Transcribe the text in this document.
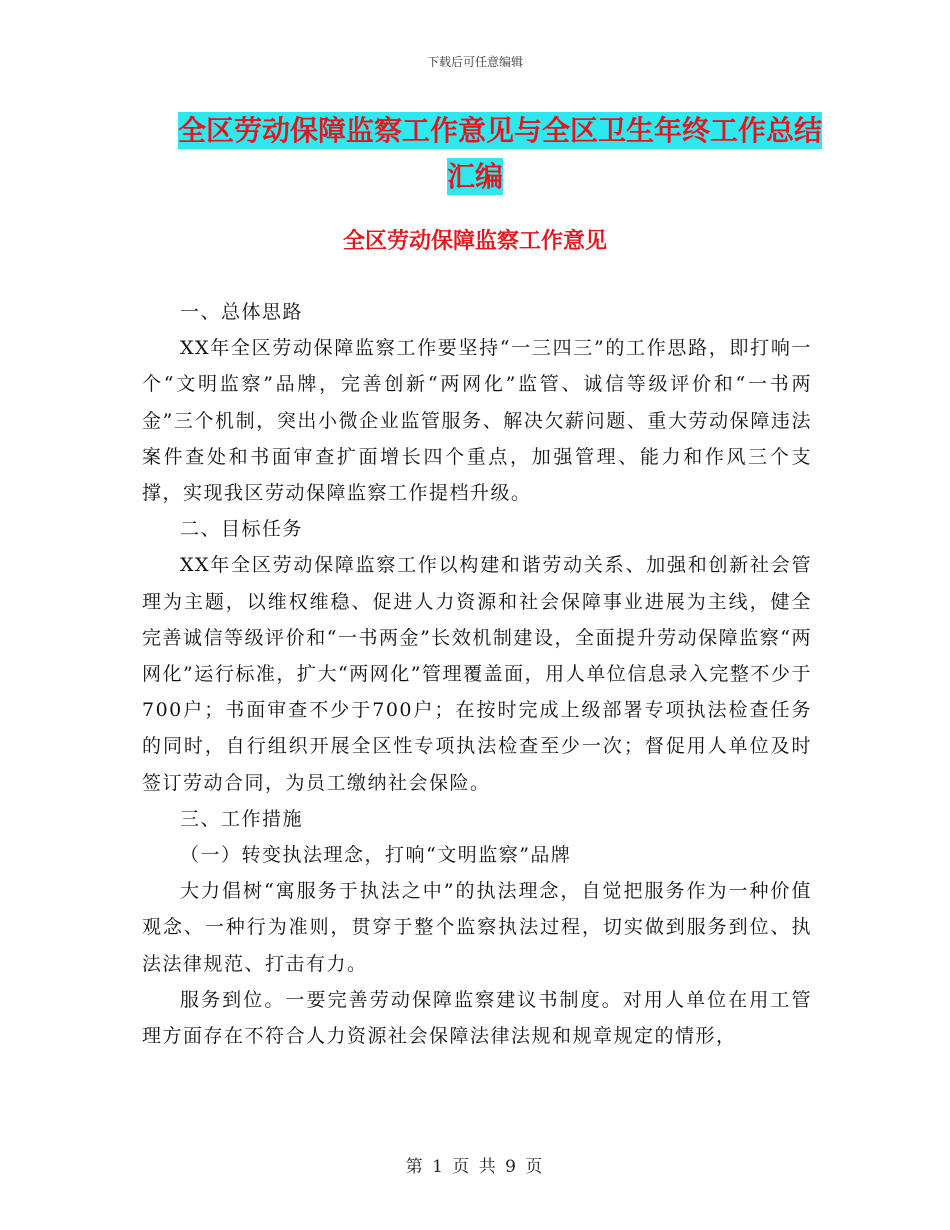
下载后可任意编辑
全区劳动保障监察工作意见与全区卫生年终工作总结
汇编
全区劳动保障监察工作意见

一、总体思路

XX年全区劳动保障监察工作要坚持“一三四三”的工作思路，即打响一个“文明监察”品牌，完善创新“两网化”监管、诚信等级评价和“一书两金”三个机制，突出小微企业监管服务、解决欠薪问题、重大劳动保障违法案件查处和书面审查扩面增长四个重点，加强管理、能力和作风三个支撑，实现我区劳动保障监察工作提档升级。

二、目标任务

XX年全区劳动保障监察工作以构建和谐劳动关系、加强和创新社会管理为主题，以维权维稳、促进人力资源和社会保障事业进展为主线，健全完善诚信等级评价和“一书两金”长效机制建设，全面提升劳动保障监察“两网化”运行标准，扩大“两网化”管理覆盖面，用人单位信息录入完整不少于700户；书面审查不少于700户；在按时完成上级部署专项执法检查任务的同时，自行组织开展全区性专项执法检查至少一次；督促用人单位及时签订劳动合同，为员工缴纳社会保险。

三、工作措施

（一）转变执法理念，打响“文明监察”品牌

大力倡树“寓服务于执法之中”的执法理念，自觉把服务作为一种价值观念、一种行为准则，贯穿于整个监察执法过程，切实做到服务到位、执法法律规范、打击有力。

服务到位。一要完善劳动保障监察建议书制度。对用人单位在用工管理方面存在不符合人力资源社会保障法律法规和规章规定的情形，

第 1 页 共 9 页
